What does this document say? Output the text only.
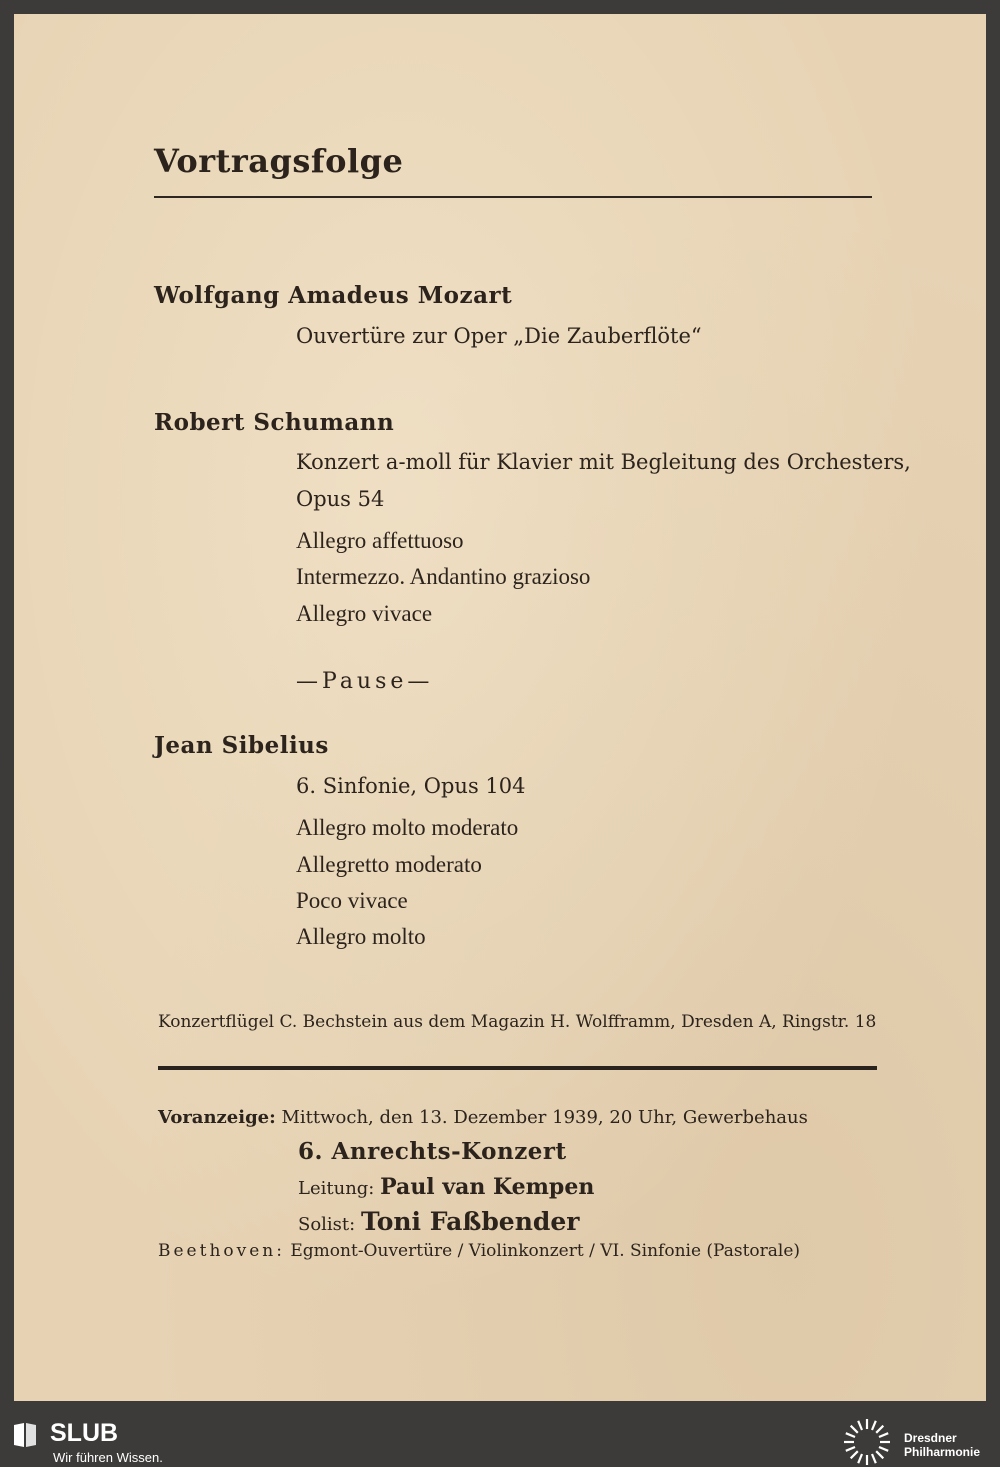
Vortragsfolge
Wolfgang Amadeus Mozart
Ouvertüre zur Oper „Die Zauberflöte“
Robert Schumann
Konzert a-moll für Klavier mit Begleitung des Orchesters,
Opus 54
Allegro affettuoso
Intermezzo. Andantino grazioso
Allegro vivace
—Pause—
Jean Sibelius
6. Sinfonie, Opus 104
Allegro molto moderato
Allegretto moderato
Poco vivace
Allegro molto
Konzertflügel C. Bechstein aus dem Magazin H. Wolfframm, Dresden A, Ringstr. 18
Voranzeige: Mittwoch, den 13. Dezember 1939, 20 Uhr, Gewerbehaus
6. Anrechts-Konzert
Leitung: Paul van Kempen
Solist: Toni Faßbender
Beethoven: Egmont-Ouvertüre / Violinkonzert / VI. Sinfonie (Pastorale)
SLUB
Wir führen Wissen.
Dresdner
Philharmonie
